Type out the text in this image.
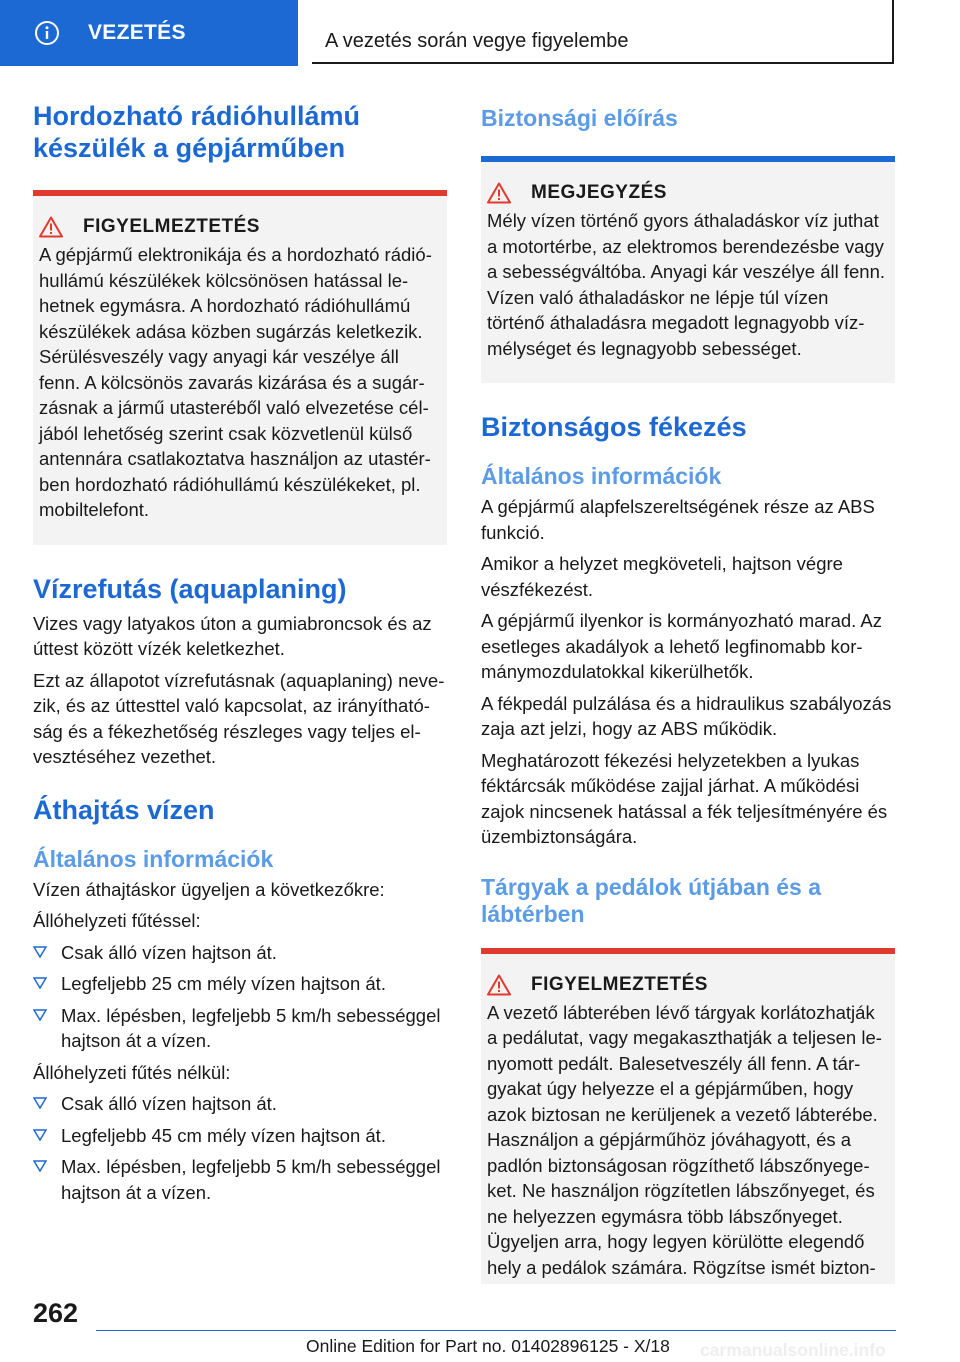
VEZETÉS	A vezetés során vegye figyelembe
Hordozható rádióhullámú készülék a gépjárműben
FIGYELMEZTETÉS

A gépjármű elektronikája és a hordozható rádióhullámú készülékek kölcsönösen hatással lehetnek egymásra. A hordozható rádióhullámú készülékek adása közben sugárzás keletkezik. Sérülésveszély vagy anyagi kár veszélye áll fenn. A kölcsönös zavarás kizárása és a sugárzásnak a jármű utasteréből való elvezetése céljából lehetőség szerint csak közvetlenül külső antennára csatlakoztatva használjon az utastérben hordozható rádióhullámú készülékeket, pl. mobiltelefont.

Vízrefutás (aquaplaning)

Vizes vagy latyakos úton a gumiabroncsok és az úttest között vízék keletkezhet.

Ezt az állapotot vízrefutásnak (aquaplaning) nevezik, és az úttesttel való kapcsolat, az irányíthatóság és a fékezhetőség részleges vagy teljes elvesztéséhez vezethet.

Áthajtás vízen
Általános információk

Vízen áthajtáskor ügyeljen a következőkre:

Állóhelyzeti fűtéssel:

Csak álló vízen hajtson át.
Legfeljebb 25 cm mély vízen hajtson át.
Max. lépésben, legfeljebb 5 km/h sebességgel hajtson át a vízen.

Állóhelyzeti fűtés nélkül:

Csak álló vízen hajtson át.
Legfeljebb 45 cm mély vízen hajtson át.
Max. lépésben, legfeljebb 5 km/h sebességgel hajtson át a vízen.
Biztonsági előírás
MEGJEGYZÉS

Mély vízen történő gyors áthaladáskor víz juthat a motortérbe, az elektromos berendezésbe vagy a sebességváltóba. Anyagi kár veszélye áll fenn. Vízen való áthaladáskor ne lépje túl vízen történő áthaladásra megadott legnagyobb vízmélységet és legnagyobb sebességet.

Biztonságos fékezés
Általános információk

A gépjármű alapfelszereltségének része az ABS funkció.

Amikor a helyzet megköveteli, hajtson végre vészfékezést.

A gépjármű ilyenkor is kormányozható marad. Az esetleges akadályok a lehető legfinomabb kormánymozdulatokkal kikerülhetők.

A fékpedál pulzálása és a hidraulikus szabályozás zaja azt jelzi, hogy az ABS működik.

Meghatározott fékezési helyzetekben a lyukas féktárcsák működése zajjal járhat. A működési zajok nincsenek hatással a fék teljesítményére és üzembiztonságára.

Tárgyak a pedálok útjában és a lábtérben
FIGYELMEZTETÉS

A vezető lábterében lévő tárgyak korlátozhatják a pedálutat, vagy megakaszthatják a teljesen lenyomott pedált. Balesetveszély áll fenn. A tárgyakat úgy helyezze el a gépjárműben, hogy azok biztosan ne kerüljenek a vezető lábterébe. Használjon a gépjárműhöz jóváhagyott, és a padlón biztonságosan rögzíthető lábszőnyegeket. Ne használjon rögzítetlen lábszőnyeget, és ne helyezzen egymásra több lábszőnyeget. Ügyeljen arra, hogy legyen körülötte elegendő hely a pedálok számára. Rögzítse ismét bizton-

262
Online Edition for Part no. 01402896125 - X/18	carmanualsonline.info
